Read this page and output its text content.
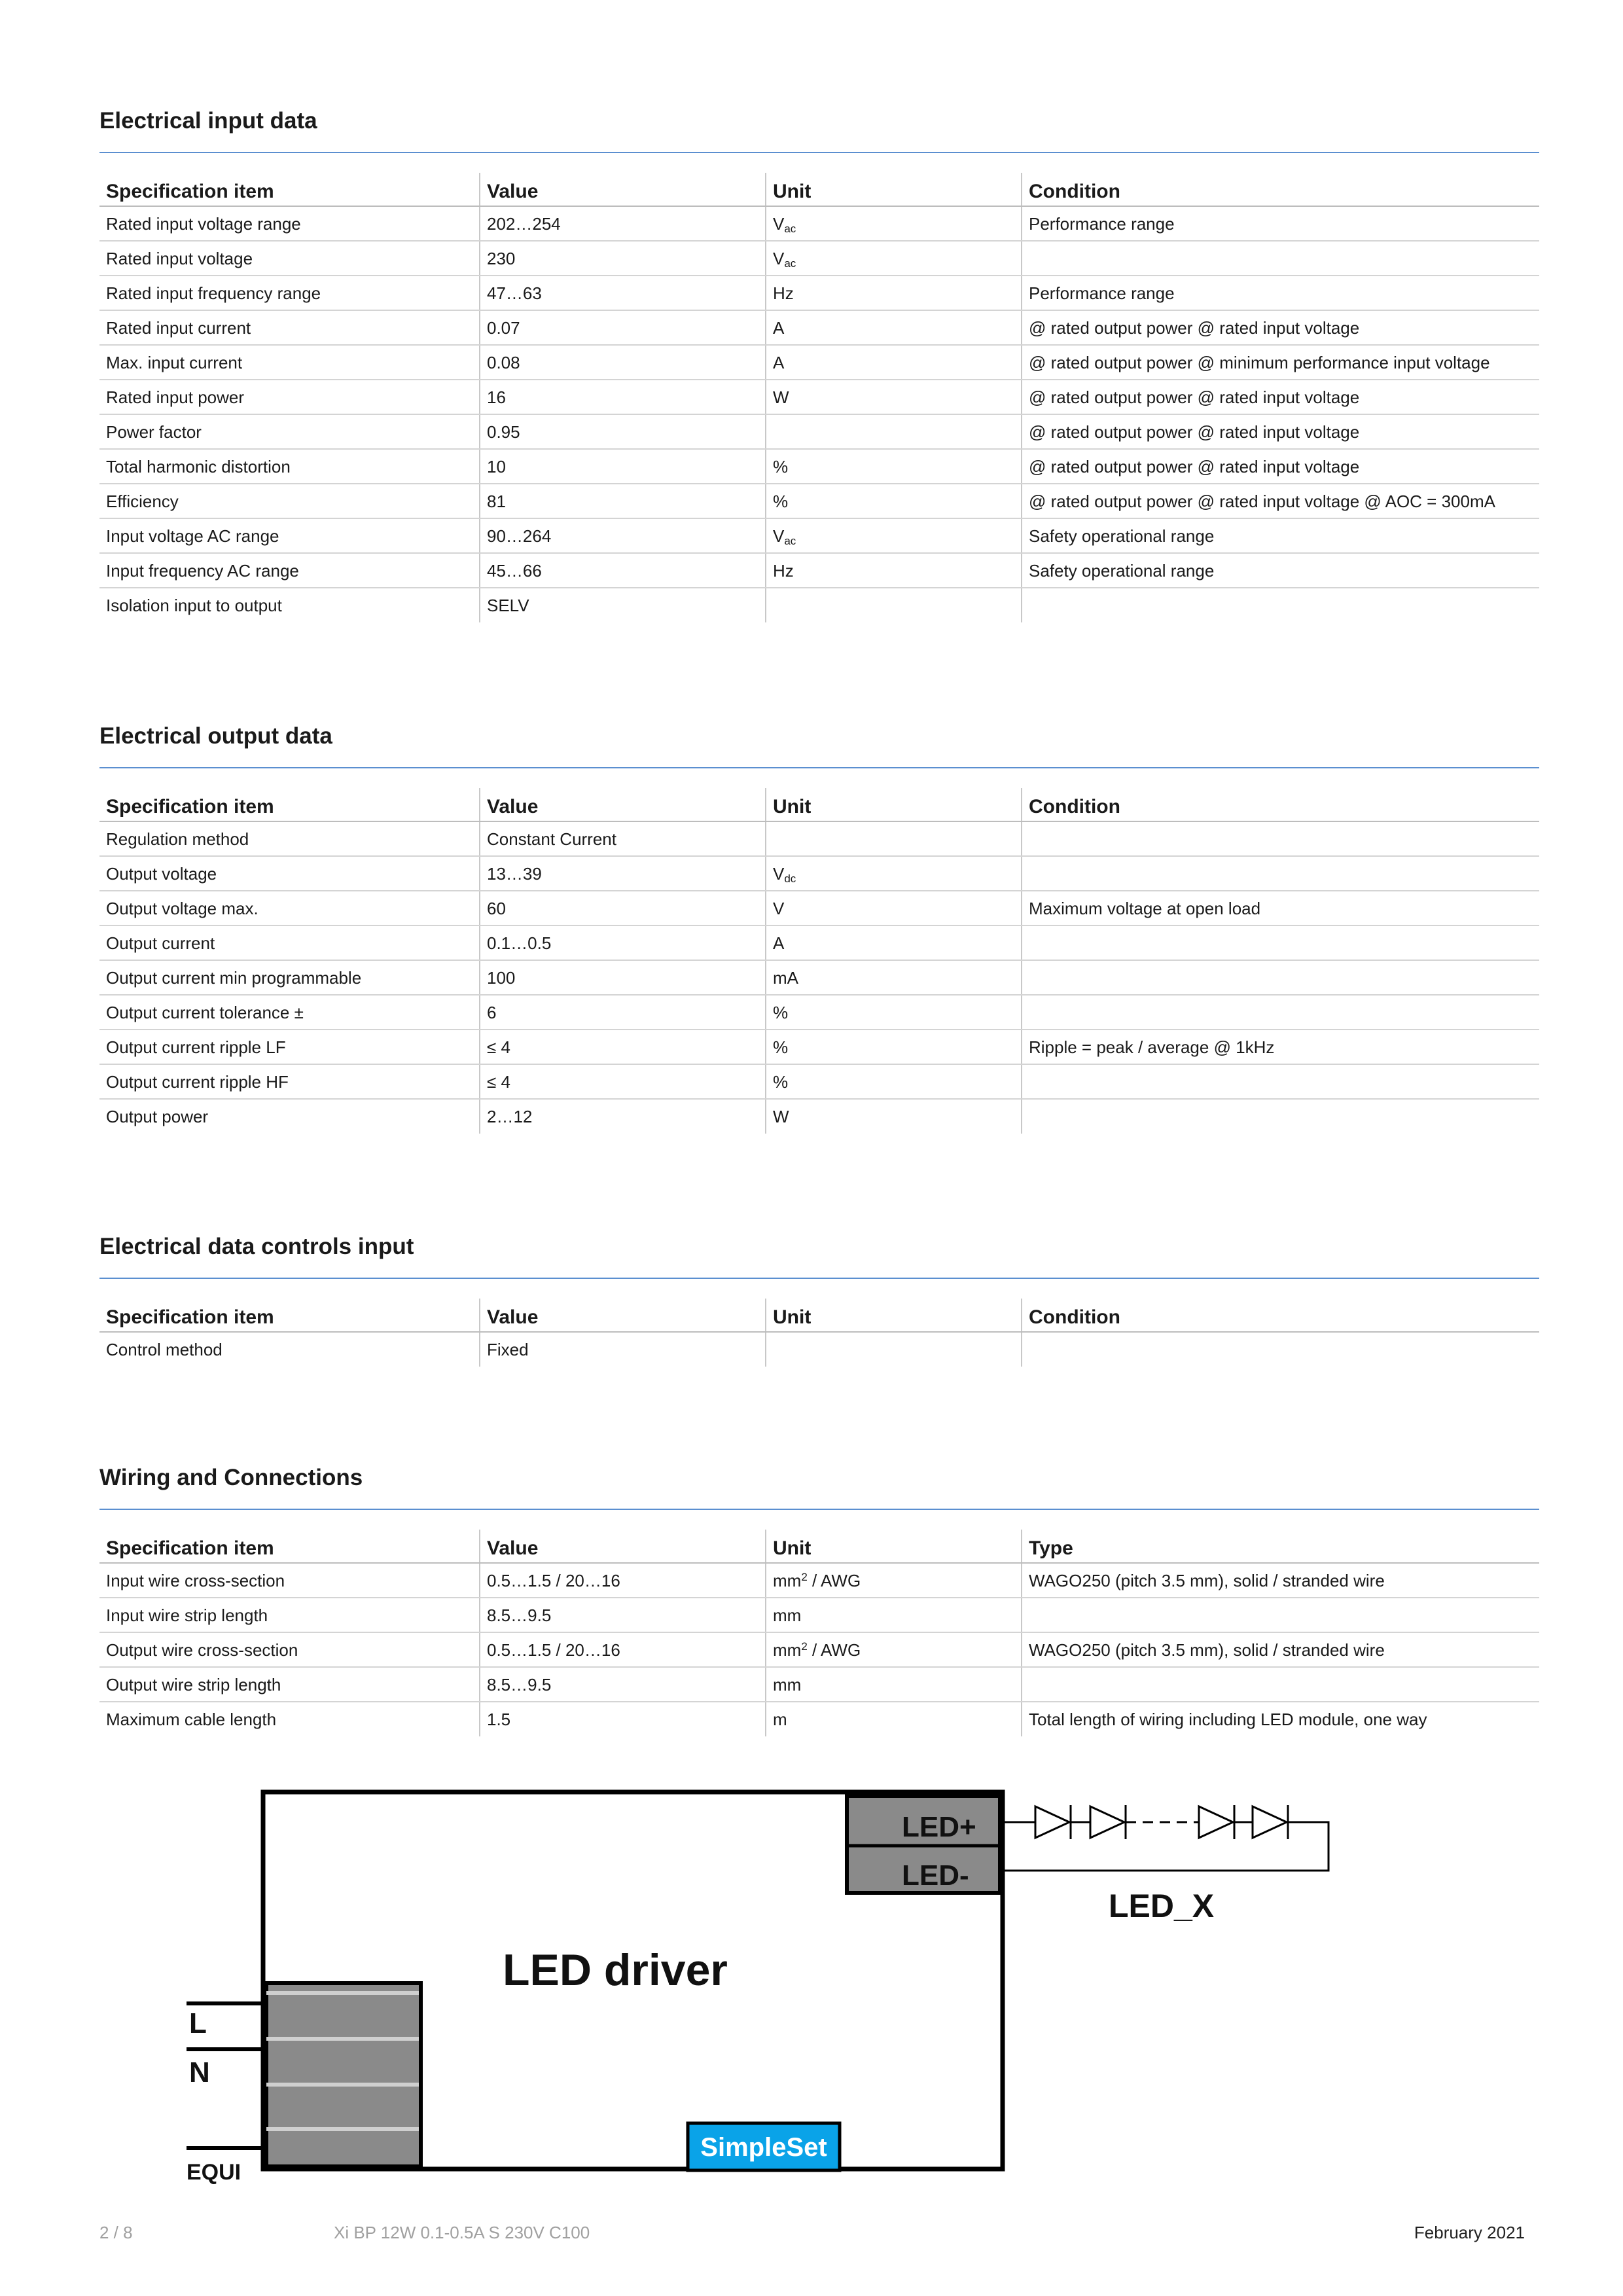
Electrical input data
Specification item	Value	Unit	Condition
Rated input voltage range	202…254	$V_{ac}$	Performance range
Rated input voltage	230	$V_{ac}$	
Rated input frequency range	47…63	Hz	Performance range
Rated input current	0.07	A	@ rated output power @ rated input voltage
Max. input current	0.08	A	@ rated output power @ minimum performance input voltage
Rated input power	16	W	@ rated output power @ rated input voltage
Power factor	0.95		@ rated output power @ rated input voltage
Total harmonic distortion	10	%	@ rated output power @ rated input voltage
Efficiency	81	%	@ rated output power @ rated input voltage @ AOC = 300mA
Input voltage AC range	90…264	$V_{ac}$	Safety operational range
Input frequency AC range	45…66	Hz	Safety operational range
Isolation input to output	SELV		
Electrical output data
Specification item	Value	Unit	Condition
Regulation method	Constant Current		
Output voltage	13…39	$V_{dc}$	
Output voltage max.	60	V	Maximum voltage at open load
Output current	0.1…0.5	A	
Output current min programmable	100	mA	
Output current tolerance ±	6	%	
Output current ripple LF	≤ 4	%	Ripple = peak / average @ 1kHz
Output current ripple HF	≤ 4	%	
Output power	2…12	W	
Electrical data controls input
Specification item	Value	Unit	Condition
Control method	Fixed		
Wiring and Connections
Specification item	Value	Unit	Type
Input wire cross-section	0.5…1.5 / 20…16	$mm^2$ / AWG	WAGO250 (pitch 3.5 mm), solid / stranded wire
Input wire strip length	8.5…9.5	mm	
Output wire cross-section	0.5…1.5 / 20…16	$mm^2$ / AWG	WAGO250 (pitch 3.5 mm), solid / stranded wire
Output wire strip length	8.5…9.5	mm	
Maximum cable length	1.5	m	Total length of wiring including LED module, one way
LED+
LED-
LED driver
L
N
EQUI
SimpleSet
LED_X
2 / 8	Xi BP 12W 0.1-0.5A S 230V C100	February 2021
